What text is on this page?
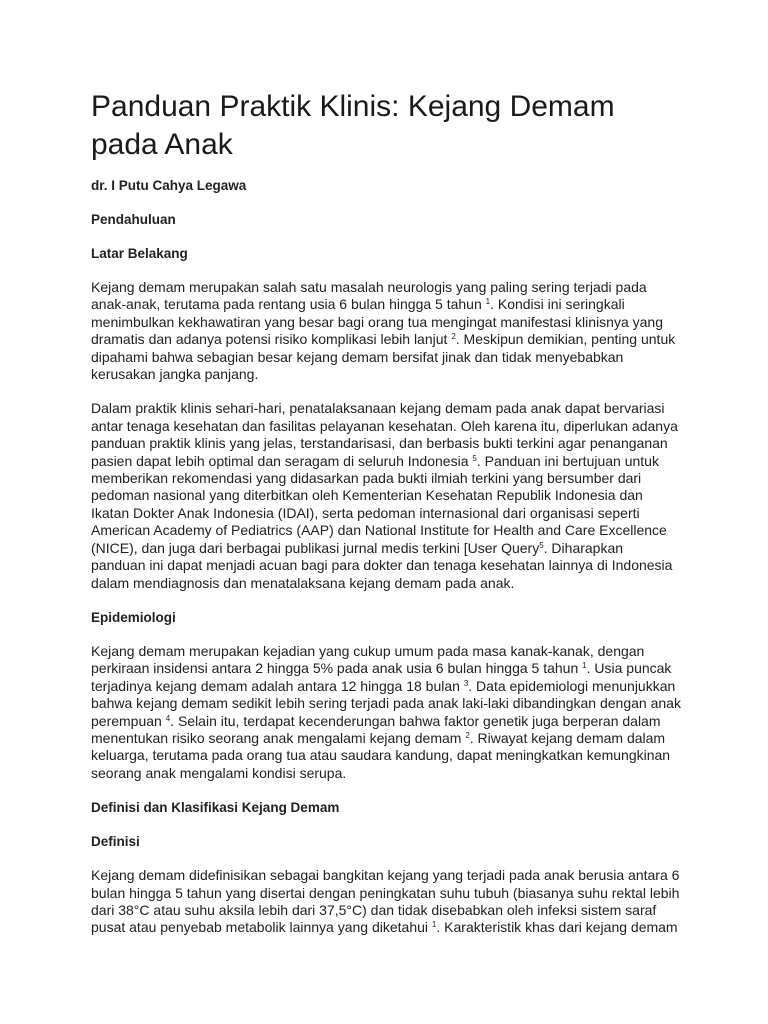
Panduan Praktik Klinis: Kejang Demam pada Anak
dr. I Putu Cahya Legawa
Pendahuluan
Latar Belakang
Kejang demam merupakan salah satu masalah neurologis yang paling sering terjadi pada anak-anak, terutama pada rentang usia 6 bulan hingga 5 tahun $^1$. Kondisi ini seringkali menimbulkan kekhawatiran yang besar bagi orang tua mengingat manifestasi klinisnya yang dramatis dan adanya potensi risiko komplikasi lebih lanjut $^2$. Meskipun demikian, penting untuk dipahami bahwa sebagian besar kejang demam bersifat jinak dan tidak menyebabkan kerusakan jangka panjang.
Dalam praktik klinis sehari-hari, penatalaksanaan kejang demam pada anak dapat bervariasi antar tenaga kesehatan dan fasilitas pelayanan kesehatan. Oleh karena itu, diperlukan adanya panduan praktik klinis yang jelas, terstandarisasi, dan berbasis bukti terkini agar penanganan pasien dapat lebih optimal dan seragam di seluruh Indonesia $^5$. Panduan ini bertujuan untuk memberikan rekomendasi yang didasarkan pada bukti ilmiah terkini yang bersumber dari pedoman nasional yang diterbitkan oleh Kementerian Kesehatan Republik Indonesia dan Ikatan Dokter Anak Indonesia (IDAI), serta pedoman internasional dari organisasi seperti American Academy of Pediatrics (AAP) dan National Institute for Health and Care Excellence (NICE), dan juga dari berbagai publikasi jurnal medis terkini [User Query$^5$. Diharapkan panduan ini dapat menjadi acuan bagi para dokter dan tenaga kesehatan lainnya di Indonesia dalam mendiagnosis dan menatalaksana kejang demam pada anak.
Epidemiologi
Kejang demam merupakan kejadian yang cukup umum pada masa kanak-kanak, dengan perkiraan insidensi antara 2 hingga 5% pada anak usia 6 bulan hingga 5 tahun $^1$. Usia puncak terjadinya kejang demam adalah antara 12 hingga 18 bulan $^3$. Data epidemiologi menunjukkan bahwa kejang demam sedikit lebih sering terjadi pada anak laki-laki dibandingkan dengan anak perempuan $^4$. Selain itu, terdapat kecenderungan bahwa faktor genetik juga berperan dalam menentukan risiko seorang anak mengalami kejang demam $^2$. Riwayat kejang demam dalam keluarga, terutama pada orang tua atau saudara kandung, dapat meningkatkan kemungkinan seorang anak mengalami kondisi serupa.
Definisi dan Klasifikasi Kejang Demam
Definisi
Kejang demam didefinisikan sebagai bangkitan kejang yang terjadi pada anak berusia antara 6 bulan hingga 5 tahun yang disertai dengan peningkatan suhu tubuh (biasanya suhu rektal lebih dari 38°C atau suhu aksila lebih dari 37,5°C) dan tidak disebabkan oleh infeksi sistem saraf pusat atau penyebab metabolik lainnya yang diketahui $^1$. Karakteristik khas dari kejang demam
